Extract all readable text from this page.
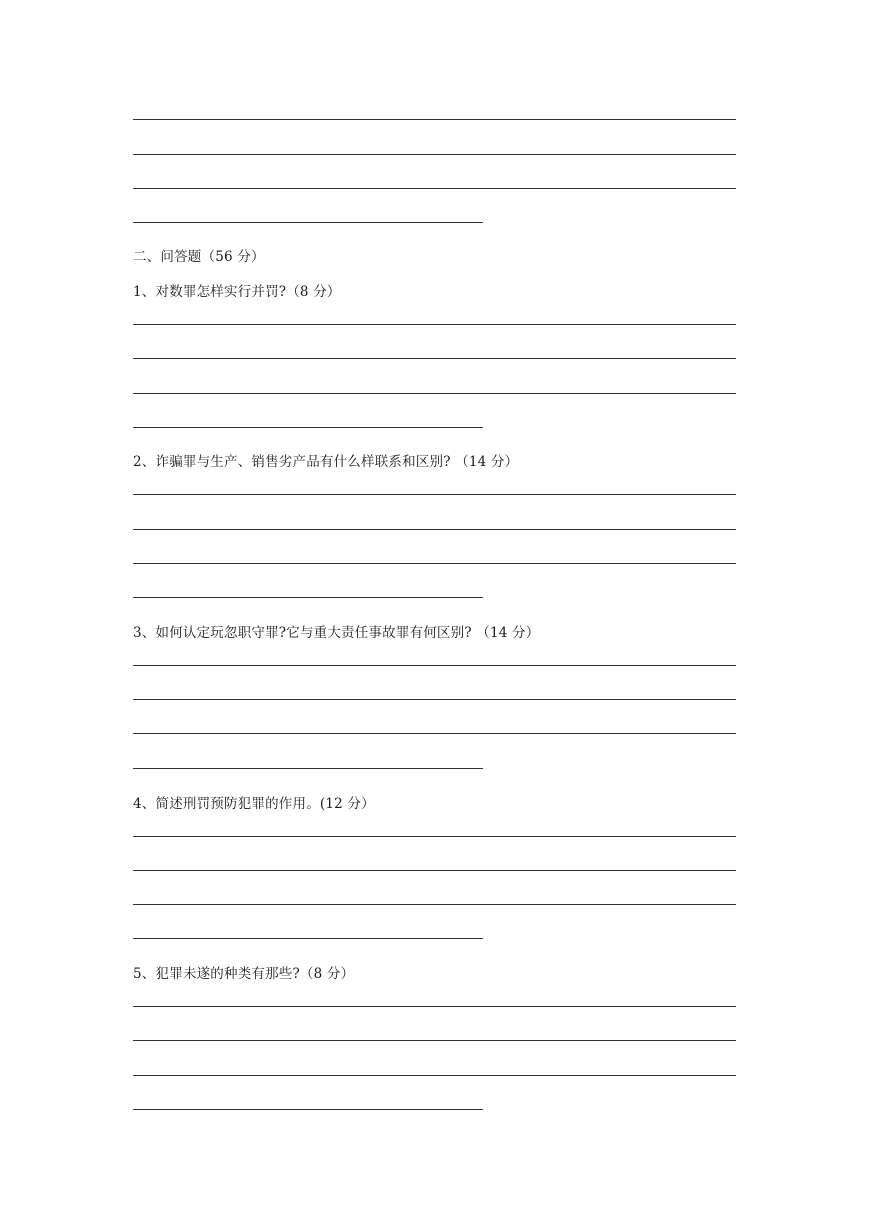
二、问答题（56 分）
1、对数罪怎样实行并罚?（8 分）
2、诈骗罪与生产、销售劣产品有什么样联系和区别? （14 分）
3、如何认定玩忽职守罪?它与重大责任事故罪有何区别? （14 分）
4、简述刑罚预防犯罪的作用。(12 分）
5、犯罪未遂的种类有那些?（8 分）
